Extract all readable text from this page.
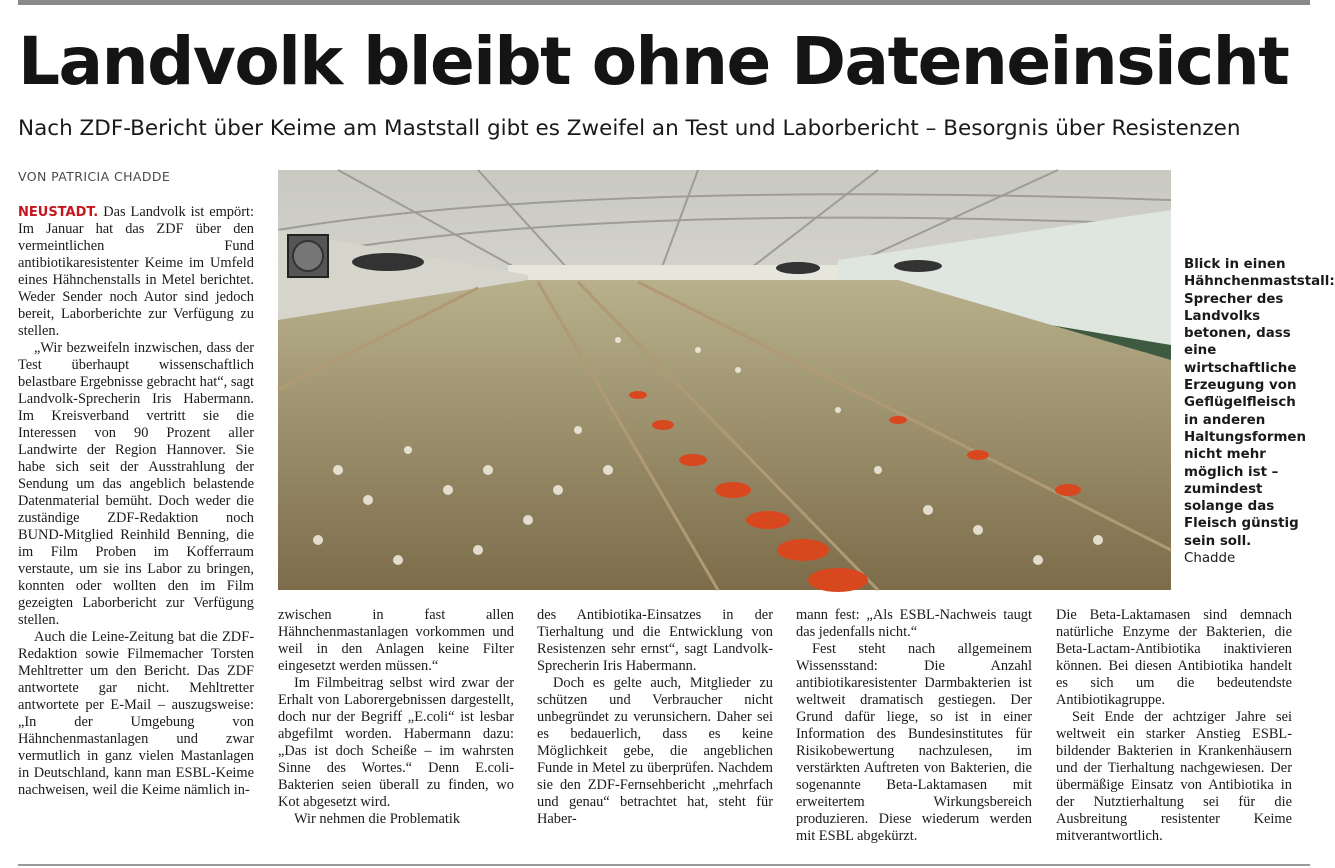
Landvolk bleibt ohne Dateneinsicht

Nach ZDF-Bericht über Keime am Maststall gibt es Zweifel an Test und Laborbericht – Besorgnis über Resistenzen

VON PATRICIA CHADDE

NEUSTADT. Das Landvolk ist empört: Im Januar hat das ZDF über den vermeintlichen Fund antibiotikaresistenter Keime im Umfeld eines Hähnchenstalls in Metel berichtet. Weder Sender noch Autor sind jedoch bereit, Laborberichte zur Verfügung zu stellen.

„Wir bezweifeln inzwischen, dass der Test überhaupt wissenschaftlich belastbare Ergebnisse gebracht hat“, sagt Landvolk-Sprecherin Iris Habermann. Im Kreisverband vertritt sie die Interessen von 90 Prozent aller Landwirte der Region Hannover. Sie habe sich seit der Ausstrahlung der Sendung um das angeblich belastende Datenmaterial bemüht. Doch weder die zuständige ZDF-Redaktion noch BUND-Mitglied Reinhild Benning, die im Film Proben im Kofferraum verstaute, um sie ins Labor zu bringen, konnten oder wollten den im Film gezeigten Laborbericht zur Verfügung stellen.

Auch die Leine-Zeitung bat die ZDF-Redaktion sowie Filmemacher Torsten Mehltretter um den Bericht. Das ZDF antwortete gar nicht. Mehltretter antwortete per E-Mail – auszugsweise: „In der Umgebung von Hähnchenmastanlagen und zwar vermutlich in ganz vielen Mastanlagen in Deutschland, kann man ESBL-Keime nachweisen, weil die Keime nämlich in-

Blick in einen Hähnchenmaststall: Sprecher des Landvolks betonen, dass eine wirtschaftliche Erzeugung von Geflügelfleisch in anderen Haltungsformen nicht mehr möglich ist – zumindest solange das Fleisch günstig sein soll.
Chadde

zwischen in fast allen Hähnchenmastanlagen vorkommen und weil in den Anlagen keine Filter eingesetzt werden müssen.“

Im Filmbeitrag selbst wird zwar der Erhalt von Laborergebnissen dargestellt, doch nur der Begriff „E.coli“ ist lesbar abgefilmt worden. Habermann dazu: „Das ist doch Scheiße – im wahrsten Sinne des Wortes.“ Denn E.coli-Bakterien seien überall zu finden, wo Kot abgesetzt wird.

Wir nehmen die Problematik

des Antibiotika-Einsatzes in der Tierhaltung und die Entwicklung von Resistenzen sehr ernst“, sagt Landvolk-Sprecherin Iris Habermann.

Doch es gelte auch, Mitglieder zu schützen und Verbraucher nicht unbegründet zu verunsichern. Daher sei es bedauerlich, dass es keine Möglichkeit gebe, die angeblichen Funde in Metel zu überprüfen. Nachdem sie den ZDF-Fernsehbericht „mehrfach und genau“ betrachtet hat, steht für Haber-

mann fest: „Als ESBL-Nachweis taugt das jedenfalls nicht.“

Fest steht nach allgemeinem Wissensstand: Die Anzahl antibiotikaresistenter Darmbakterien ist weltweit dramatisch gestiegen. Der Grund dafür liege, so ist in einer Information des Bundesinstitutes für Risikobewertung nachzulesen, im verstärkten Auftreten von Bakterien, die sogenannte Beta-Laktamasen mit erweitertem Wirkungsbereich produzieren. Diese wiederum werden mit ESBL abgekürzt.

Die Beta-Laktamasen sind demnach natürliche Enzyme der Bakterien, die Beta-Lactam-Antibiotika inaktivieren können. Bei diesen Antibiotika handelt es sich um die bedeutendste Antibiotikagruppe.

Seit Ende der achtziger Jahre sei weltweit ein starker Anstieg ESBL-bildender Bakterien in Krankenhäusern und der Tierhaltung nachgewiesen. Der übermäßige Einsatz von Antibiotika in der Nutztierhaltung sei für die Ausbreitung resistenter Keime mitverantwortlich.
